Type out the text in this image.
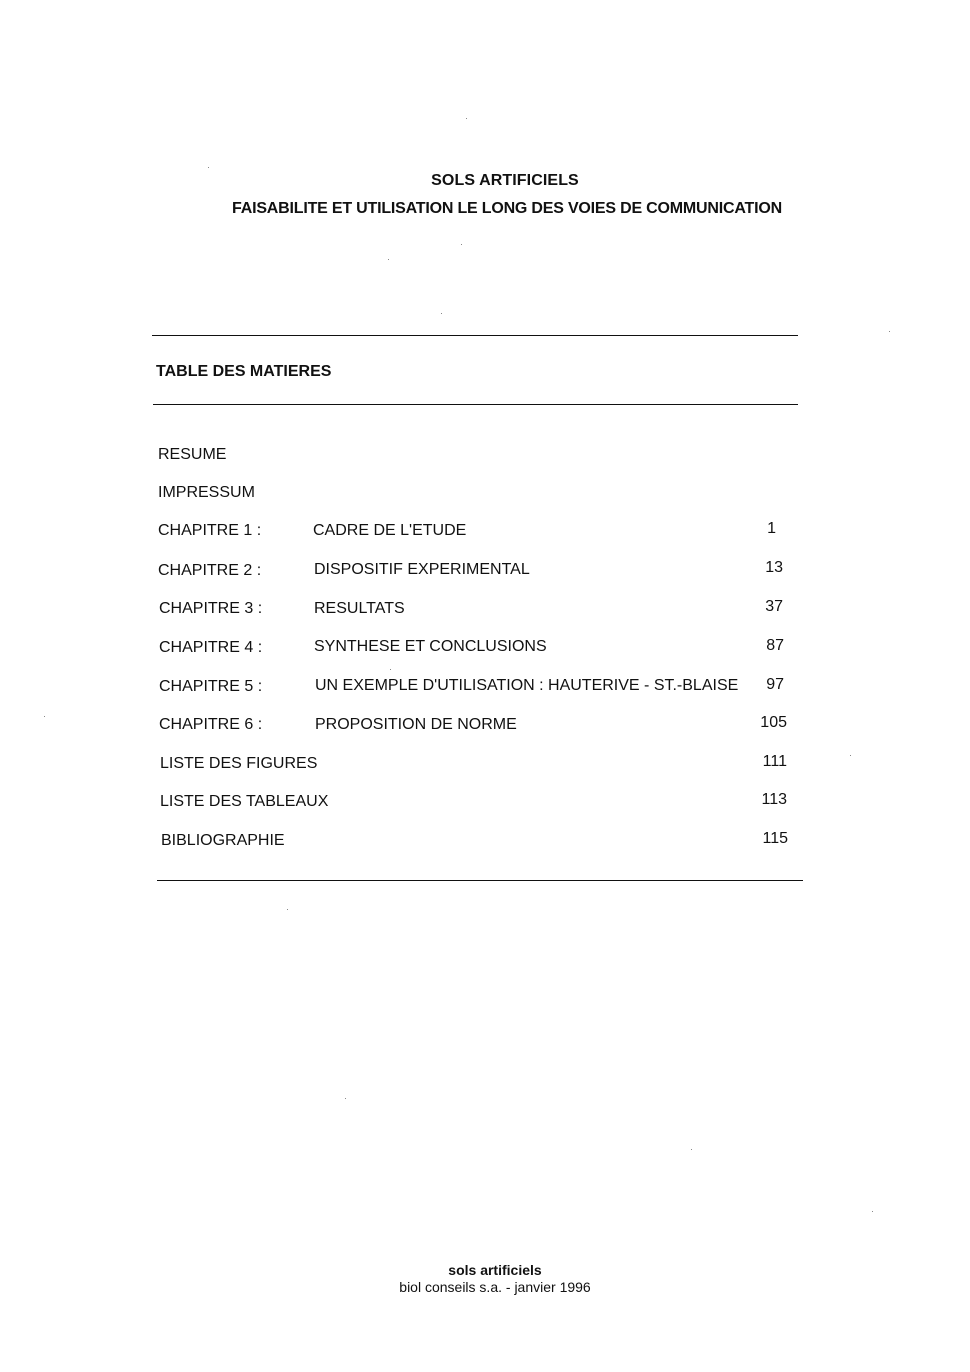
SOLS ARTIFICIELS
FAISABILITE ET UTILISATION LE LONG DES VOIES DE COMMUNICATION
TABLE DES MATIERES
RESUME
IMPRESSUM
CHAPITRE 1 :	CADRE DE L'ETUDE	1
CHAPITRE 2 :	DISPOSITIF EXPERIMENTAL	13
CHAPITRE 3 :	RESULTATS	37
CHAPITRE 4 :	SYNTHESE ET CONCLUSIONS	87
CHAPITRE 5 :	UN EXEMPLE D'UTILISATION : HAUTERIVE - ST.-BLAISE	97
CHAPITRE 6 :	PROPOSITION DE NORME	105
LISTE DES FIGURES	111
LISTE DES TABLEAUX	113
BIBLIOGRAPHIE	115
sols artificiels
biol conseils s.a. - janvier 1996
